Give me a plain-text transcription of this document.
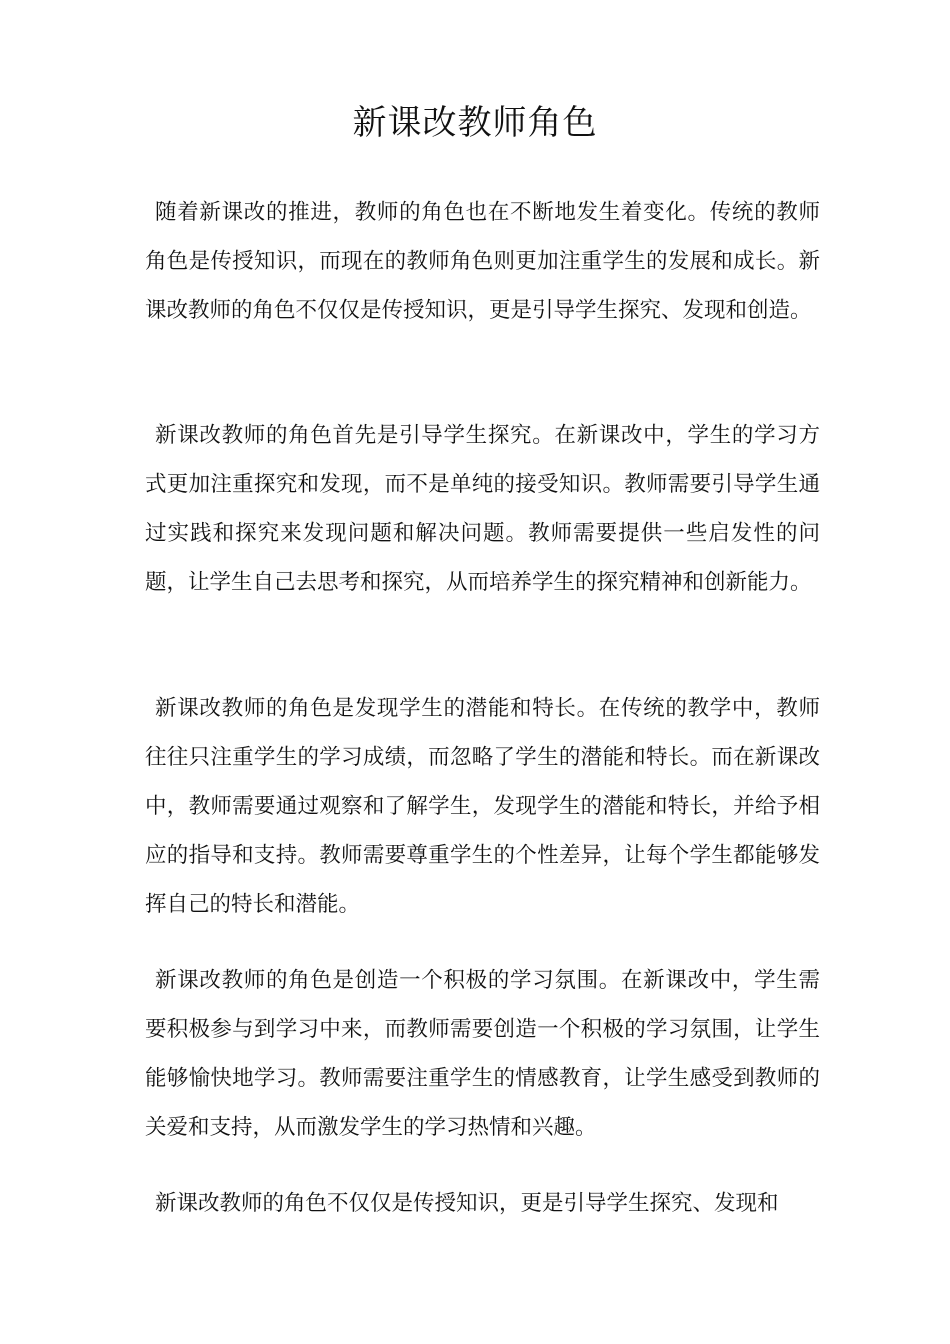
新课改教师角色

随着新课改的推进，教师的角色也在不断地发生着变化。传统的教师角色是传授知识，而现在的教师角色则更加注重学生的发展和成长。新课改教师的角色不仅仅是传授知识，更是引导学生探究、发现和创造。

新课改教师的角色首先是引导学生探究。在新课改中，学生的学习方式更加注重探究和发现，而不是单纯的接受知识。教师需要引导学生通过实践和探究来发现问题和解决问题。教师需要提供一些启发性的问题，让学生自己去思考和探究，从而培养学生的探究精神和创新能力。

新课改教师的角色是发现学生的潜能和特长。在传统的教学中，教师往往只注重学生的学习成绩，而忽略了学生的潜能和特长。而在新课改中，教师需要通过观察和了解学生，发现学生的潜能和特长，并给予相应的指导和支持。教师需要尊重学生的个性差异，让每个学生都能够发挥自己的特长和潜能。

新课改教师的角色是创造一个积极的学习氛围。在新课改中，学生需要积极参与到学习中来，而教师需要创造一个积极的学习氛围，让学生能够愉快地学习。教师需要注重学生的情感教育，让学生感受到教师的关爱和支持，从而激发学生的学习热情和兴趣。

新课改教师的角色不仅仅是传授知识，更是引导学生探究、发现和
